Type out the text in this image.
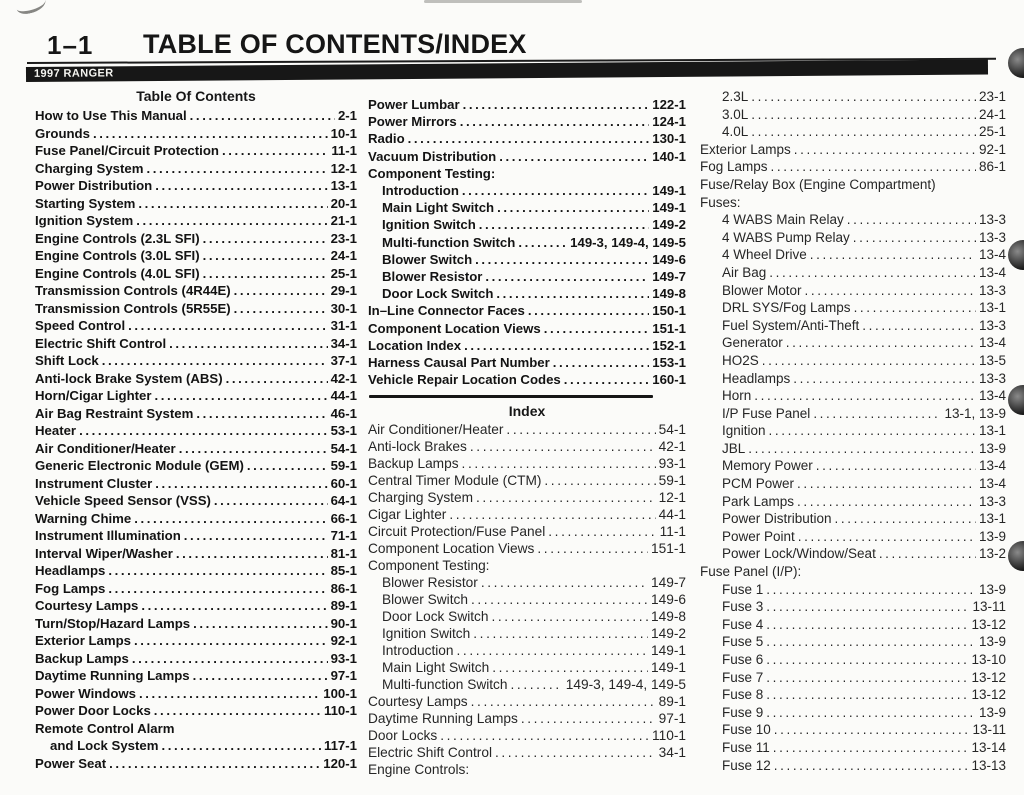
1–1 TABLE OF CONTENTS/INDEX
1997 RANGER
Table Of Contents
How to Use This Manual .....	2-1
Grounds .....	10-1
Fuse Panel/Circuit Protection .....	11-1
Charging System .....	12-1
Power Distribution .....	13-1
Starting System .....	20-1
Ignition System .....	21-1
Engine Controls (2.3L SFI) .....	23-1
Engine Controls (3.0L SFI) .....	24-1
Engine Controls (4.0L SFI) .....	25-1
Transmission Controls (4R44E) .....	29-1
Transmission Controls (5R55E) .....	30-1
Speed Control .....	31-1
Electric Shift Control .....	34-1
Shift Lock .....	37-1
Anti-lock Brake System (ABS) .....	42-1
Horn/Cigar Lighter .....	44-1
Air Bag Restraint System .....	46-1
Heater .....	53-1
Air Conditioner/Heater .....	54-1
Generic Electronic Module (GEM) .....	59-1
Instrument Cluster .....	60-1
Vehicle Speed Sensor (VSS) .....	64-1
Warning Chime .....	66-1
Instrument Illumination .....	71-1
Interval Wiper/Washer .....	81-1
Headlamps .....	85-1
Fog Lamps .....	86-1
Courtesy Lamps .....	89-1
Turn/Stop/Hazard Lamps .....	90-1
Exterior Lamps .....	92-1
Backup Lamps .....	93-1
Daytime Running Lamps .....	97-1
Power Windows .....	100-1
Power Door Locks .....	110-1
Remote Control Alarm
and Lock System .....	117-1
Power Seat .....	120-1
Power Lumbar .....	122-1
Power Mirrors .....	124-1
Radio .....	130-1
Vacuum Distribution .....	140-1
Component Testing:
Introduction .....	149-1
Main Light Switch .....	149-1
Ignition Switch .....	149-2
Multi-function Switch .....	149-3, 149-4, 149-5
Blower Switch .....	149-6
Blower Resistor .....	149-7
Door Lock Switch .....	149-8
In–Line Connector Faces .....	150-1
Component Location Views .....	151-1
Location Index .....	152-1
Harness Causal Part Number .....	153-1
Vehicle Repair Location Codes .....	160-1
Index
Air Conditioner/Heater .....	54-1
Anti-lock Brakes .....	42-1
Backup Lamps .....	93-1
Central Timer Module (CTM) .....	59-1
Charging System .....	12-1
Cigar Lighter .....	44-1
Circuit Protection/Fuse Panel .....	11-1
Component Location Views .....	151-1
Component Testing:
Blower Resistor .....	149-7
Blower Switch .....	149-6
Door Lock Switch .....	149-8
Ignition Switch .....	149-2
Introduction .....	149-1
Main Light Switch .....	149-1
Multi-function Switch .....	149-3, 149-4, 149-5
Courtesy Lamps .....	89-1
Daytime Running Lamps .....	97-1
Door Locks .....	110-1
Electric Shift Control .....	34-1
Engine Controls:
2.3L .....	23-1
3.0L .....	24-1
4.0L .....	25-1
Exterior Lamps .....	92-1
Fog Lamps .....	86-1
Fuse/Relay Box (Engine Compartment)
Fuses:
4 WABS Main Relay .....	13-3
4 WABS Pump Relay .....	13-3
4 Wheel Drive .....	13-4
Air Bag .....	13-4
Blower Motor .....	13-3
DRL SYS/Fog Lamps .....	13-1
Fuel System/Anti-Theft .....	13-3
Generator .....	13-4
HO2S .....	13-5
Headlamps .....	13-3
Horn .....	13-4
I/P Fuse Panel .....	13-1, 13-9
Ignition .....	13-1
JBL .....	13-9
Memory Power .....	13-4
PCM Power .....	13-4
Park Lamps .....	13-3
Power Distribution .....	13-1
Power Point .....	13-9
Power Lock/Window/Seat .....	13-2
Fuse Panel (I/P):
Fuse 1 .....	13-9
Fuse 3 .....	13-11
Fuse 4 .....	13-12
Fuse 5 .....	13-9
Fuse 6 .....	13-10
Fuse 7 .....	13-12
Fuse 8 .....	13-12
Fuse 9 .....	13-9
Fuse 10 .....	13-11
Fuse 11 .....	13-14
Fuse 12 .....	13-13
